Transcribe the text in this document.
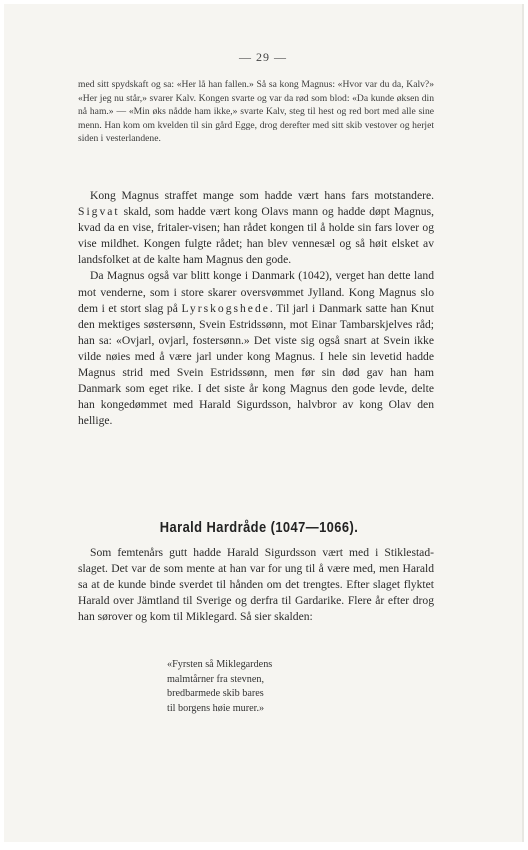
— 29 —

med sitt spydskaft og sa: «Her lå han fallen.» Så sa kong Magnus: «Hvor var du da, Kalv?» «Her jeg nu står,» svarer Kalv. Kongen svarte og var da rød som blod: «Da kunde øksen din nå ham.» — «Min øks nådde ham ikke,» svarte Kalv, steg til hest og red bort med alle sine menn. Han kom om kvelden til sin gård Egge, drog derefter med sitt skib vestover og herjet siden i vesterlandene.

Kong Magnus straffet mange som hadde vært hans fars motstandere. Sigvat skald, som hadde vært kong Olavs mann og hadde døpt Magnus, kvad da en vise, fritaler-visen; han rådet kongen til å holde sin fars lover og vise mildhet. Kongen fulgte rådet; han blev vennesæl og så høit elsket av landsfolket at de kalte ham Magnus den gode.

Da Magnus også var blitt konge i Danmark (1042), verget han dette land mot venderne, som i store skarer oversvømmet Jylland. Kong Magnus slo dem i et stort slag på Lyrskogshede. Til jarl i Danmark satte han Knut den mektiges søstersønn, Svein Estridssønn, mot Einar Tambarskjelves råd; han sa: «Ovjarl, ovjarl, fostersønn.» Det viste sig også snart at Svein ikke vilde nøies med å være jarl under kong Magnus. I hele sin levetid hadde Magnus strid med Svein Estridssønn, men før sin død gav han ham Danmark som eget rike. I det siste år kong Magnus den gode levde, delte han kongedømmet med Harald Sigurdsson, halvbror av kong Olav den hellige.

Harald Hardråde (1047—1066).

Som femtenårs gutt hadde Harald Sigurdsson vært med i Stiklestad-slaget. Det var de som mente at han var for ung til å være med, men Harald sa at de kunde binde sverdet til hånden om det trengtes. Efter slaget flyktet Harald over Jämtland til Sverige og derfra til Gardarike. Flere år efter drog han sørover og kom til Miklegard. Så sier skalden:

«Fyrsten så Miklegardens
malmtårner fra stevnen,
bredbarmede skib bares
til borgens høie murer.»
